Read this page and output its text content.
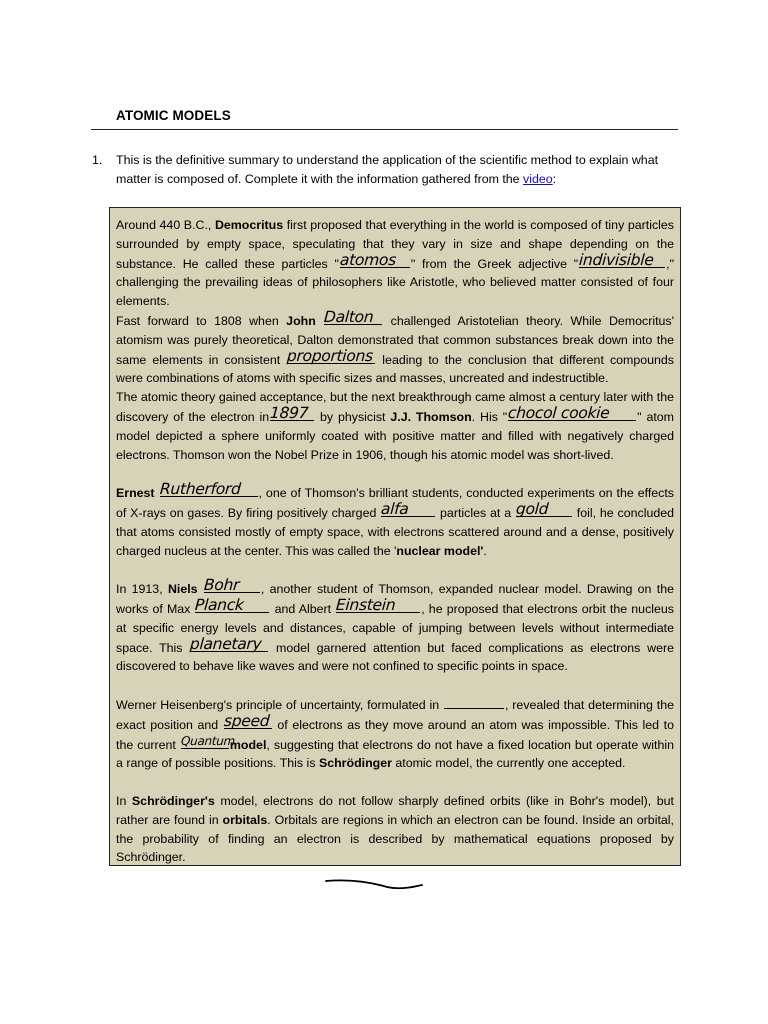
ATOMIC MODELS
1. This is the definitive summary to understand the application of the scientific method to explain what matter is composed of. Complete it with the information gathered from the video:

Around 440 B.C., Democritus first proposed that everything in the world is composed of tiny particles surrounded by empty space, speculating that they vary in size and shape depending on the substance. He called these particles " atomos " from the Greek adjective " indivisible ," challenging the prevailing ideas of philosophers like Aristotle, who believed matter consisted of four elements.

Fast forward to 1808 when John Dalton challenged Aristotelian theory. While Democritus' atomism was purely theoretical, Dalton demonstrated that common substances break down into the same elements in consistent proportions leading to the conclusion that different compounds were combinations of atoms with specific sizes and masses, uncreated and indestructible.

The atomic theory gained acceptance, but the next breakthrough came almost a century later with the discovery of the electron in 1897 by physicist J.J. Thomson. His " chocol cookie " atom model depicted a sphere uniformly coated with positive matter and filled with negatively charged electrons. Thomson won the Nobel Prize in 1906, though his atomic model was short-lived.

Ernest Rutherford , one of Thomson's brilliant students, conducted experiments on the effects of X-rays on gases. By firing positively charged alfa particles at a gold foil, he concluded that atoms consisted mostly of empty space, with electrons scattered around and a dense, positively charged nucleus at the center. This was called the 'nuclear model'.

In 1913, Niels Bohr , another student of Thomson, expanded nuclear model. Drawing on the works of Max Planck and Albert Einstein , he proposed that electrons orbit the nucleus at specific energy levels and distances, capable of jumping between levels without intermediate space. This planetary model garnered attention but faced complications as electrons were discovered to behave like waves and were not confined to specific points in space.

Werner Heisenberg's principle of uncertainty, formulated in	, revealed that determining the exact position and speed of electrons as they move around an atom was impossible. This led to the current Quantum
model, suggesting that electrons do not have a fixed location but operate within a range of possible positions. This is Schrödinger atomic model, the currently one accepted.

In Schrödinger's model, electrons do not follow sharply defined orbits (like in Bohr's model), but rather are found in orbitals. Orbitals are regions in which an electron can be found. Inside an orbital, the probability of finding an electron is described by mathematical equations proposed by Schrödinger.
